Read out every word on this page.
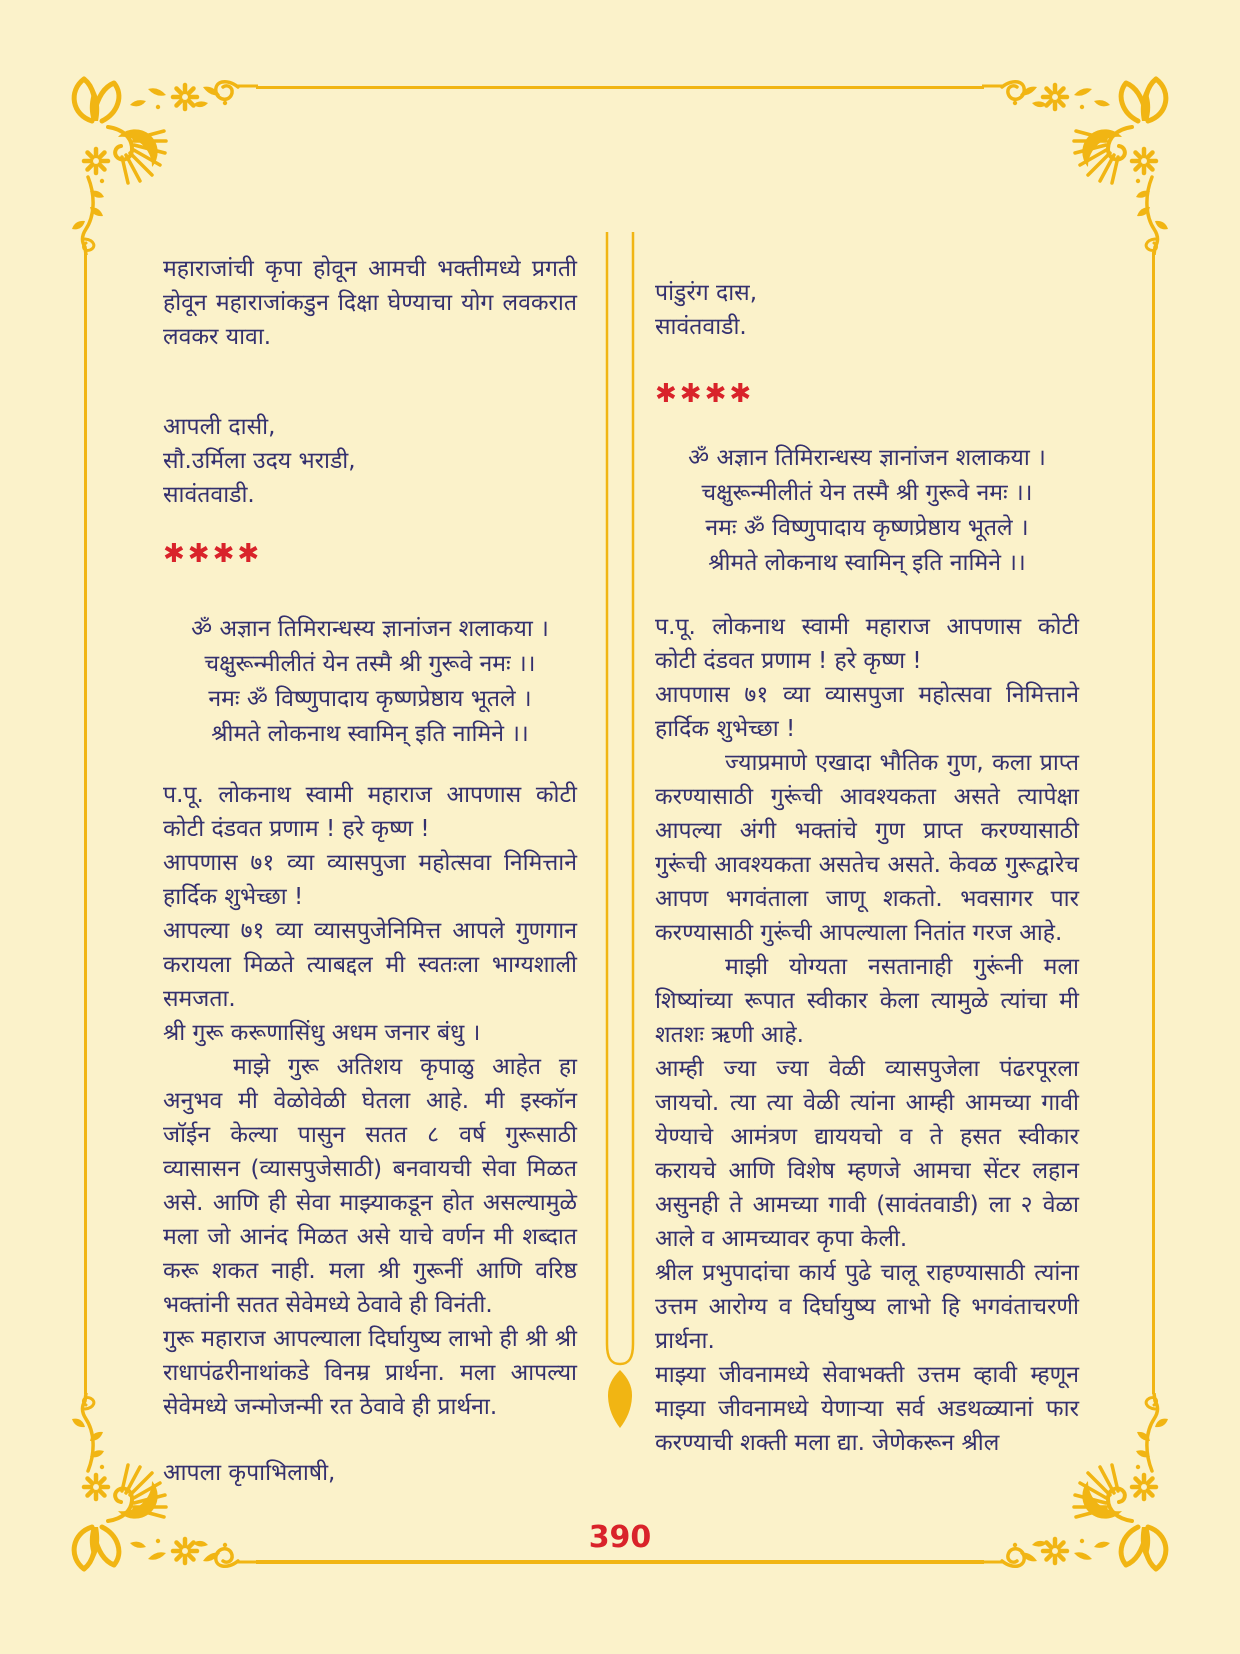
महाराजांची कृपा होवून आमची भक्तीमध्ये प्रगती होवून महाराजांकडुन दिक्षा घेण्याचा योग लवकरात लवकर यावा.
आपली दासी,
सौ.उर्मिला उदय भराडी,
सावंतवाडी.
✱✱✱✱
ॐ अज्ञान तिमिरान्धस्य ज्ञानांजन शलाकया ।
चक्षुरून्मीलीतं येन तस्मै श्री गुरूवे नमः ।।
नमः ॐ विष्णुपादाय कृष्णप्रेष्ठाय भूतले ।
श्रीमते लोकनाथ स्वामिन् इति नामिने ।।

प.पू. लोकनाथ स्वामी महाराज आपणास कोटी कोटी दंडवत प्रणाम ! हरे कृष्ण !

आपणास ७१ व्या व्यासपुजा महोत्सवा निमित्ताने हार्दिक शुभेच्छा !

आपल्या ७१ व्या व्यासपुजेनिमित्त आपले गुणगान करायला मिळते त्याबद्दल मी स्वतःला भाग्यशाली समजता.

श्री गुरू करूणासिंधु अधम जनार बंधु ।

माझे गुरू अतिशय कृपाळु आहेत हा अनुभव मी वेळोवेळी घेतला आहे. मी इस्कॉन जॉईन केल्या पासुन सतत ८ वर्ष गुरूसाठी व्यासासन (व्यासपुजेसाठी) बनवायची सेवा मिळत असे. आणि ही सेवा माझ्याकडून होत असल्यामुळे मला जो आनंद मिळत असे याचे वर्णन मी शब्दात करू शकत नाही. मला श्री गुरूनीं आणि वरिष्ठ भक्तांनी सतत सेवेमध्ये ठेवावे ही विनंती.

गुरू महाराज आपल्याला दिर्घायुष्य लाभो ही श्री श्री राधापंढरीनाथांकडे विनम्र प्रार्थना. मला आपल्या सेवेमध्ये जन्मोजन्मी रत ठेवावे ही प्रार्थना.

आपला कृपाभिलाषी,
पांडुरंग दास,
सावंतवाडी.
✱✱✱✱
ॐ अज्ञान तिमिरान्धस्य ज्ञानांजन शलाकया ।
चक्षुरून्मीलीतं येन तस्मै श्री गुरूवे नमः ।।
नमः ॐ विष्णुपादाय कृष्णप्रेष्ठाय भूतले ।
श्रीमते लोकनाथ स्वामिन् इति नामिने ।।

प.पू. लोकनाथ स्वामी महाराज आपणास कोटी कोटी दंडवत प्रणाम ! हरे कृष्ण !

आपणास ७१ व्या व्यासपुजा महोत्सवा निमित्ताने हार्दिक शुभेच्छा !

ज्याप्रमाणे एखादा भौतिक गुण, कला प्राप्त करण्यासाठी गुरूंची आवश्यकता असते त्यापेक्षा आपल्या अंगी भक्तांचे गुण प्राप्त करण्यासाठी गुरूंची आवश्यकता असतेच असते. केवळ गुरूद्वारेच आपण भगवंताला जाणू शकतो. भवसागर पार करण्यासाठी गुरूंची आपल्याला नितांत गरज आहे.

माझी योग्यता नसतानाही गुरूंनी मला शिष्यांच्या रूपात स्वीकार केला त्यामुळे त्यांचा मी शतशः ऋणी आहे.

आम्ही ज्या ज्या वेळी व्यासपुजेला पंढरपूरला जायचो. त्या त्या वेळी त्यांना आम्ही आमच्या गावी येण्याचे आमंत्रण द्याययचो व ते हसत स्वीकार करायचे आणि विशेष म्हणजे आमचा सेंटर लहान असुनही ते आमच्या गावी (सावंतवाडी) ला २ वेळा आले व आमच्यावर कृपा केली.

श्रील प्रभुपादांचा कार्य पुढे चालू राहण्यासाठी त्यांना उत्तम आरोग्य व दिर्घायुष्य लाभो हि भगवंताचरणी प्रार्थना.

माझ्या जीवनामध्ये सेवाभक्ती उत्तम व्हावी म्हणून माझ्या जीवनामध्ये येणाऱ्या सर्व अडथळ्यानां फार करण्याची शक्ती मला द्या. जेणेकरून श्रील

390
